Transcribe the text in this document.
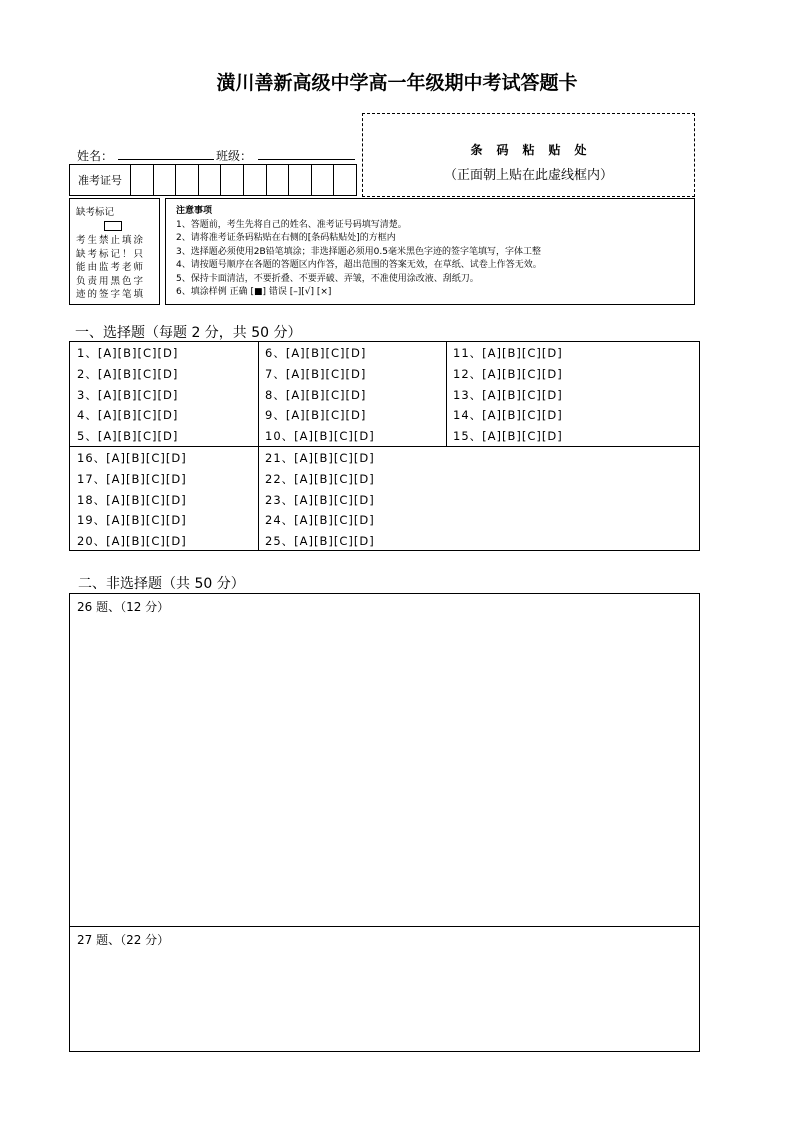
潢川善新高级中学高一年级期中考试答题卡
姓名：	班级：
准考证号
条码粘贴处
（正面朝上贴在此虚线框内）
缺考标记
考生禁止填涂缺考标记！只能由监考老师负责用黑色字迹的签字笔填
注意事项
1、答题前，考生先将自己的姓名、准考证号码填写清楚。
2、请将准考证条码粘贴在右侧的[条码粘贴处]的方框内
3、选择题必须使用2B铅笔填涂；非选择题必须用0.5毫米黑色字迹的签字笔填写，字体工整
4、请按题号顺序在各题的答题区内作答，超出范围的答案无效，在草纸、试卷上作答无效。
5、保持卡面清洁，不要折叠、不要弄破、弄皱，不准使用涂改液、刮纸刀。
6、填涂样例 正确 [■] 错误 [–][√] [×]
一、选择题（每题 2 分，共 50 分）
1、[A][B][C][D]
2、[A][B][C][D]
3、[A][B][C][D]
4、[A][B][C][D]
5、[A][B][C][D]
6、[A][B][C][D]
7、[A][B][C][D]
8、[A][B][C][D]
9、[A][B][C][D]
10、[A][B][C][D]
11、[A][B][C][D]
12、[A][B][C][D]
13、[A][B][C][D]
14、[A][B][C][D]
15、[A][B][C][D]
16、[A][B][C][D]
17、[A][B][C][D]
18、[A][B][C][D]
19、[A][B][C][D]
20、[A][B][C][D]
21、[A][B][C][D]
22、[A][B][C][D]
23、[A][B][C][D]
24、[A][B][C][D]
25、[A][B][C][D]
二、非选择题（共 50 分）
26 题、（12 分）
27 题、（22 分）
